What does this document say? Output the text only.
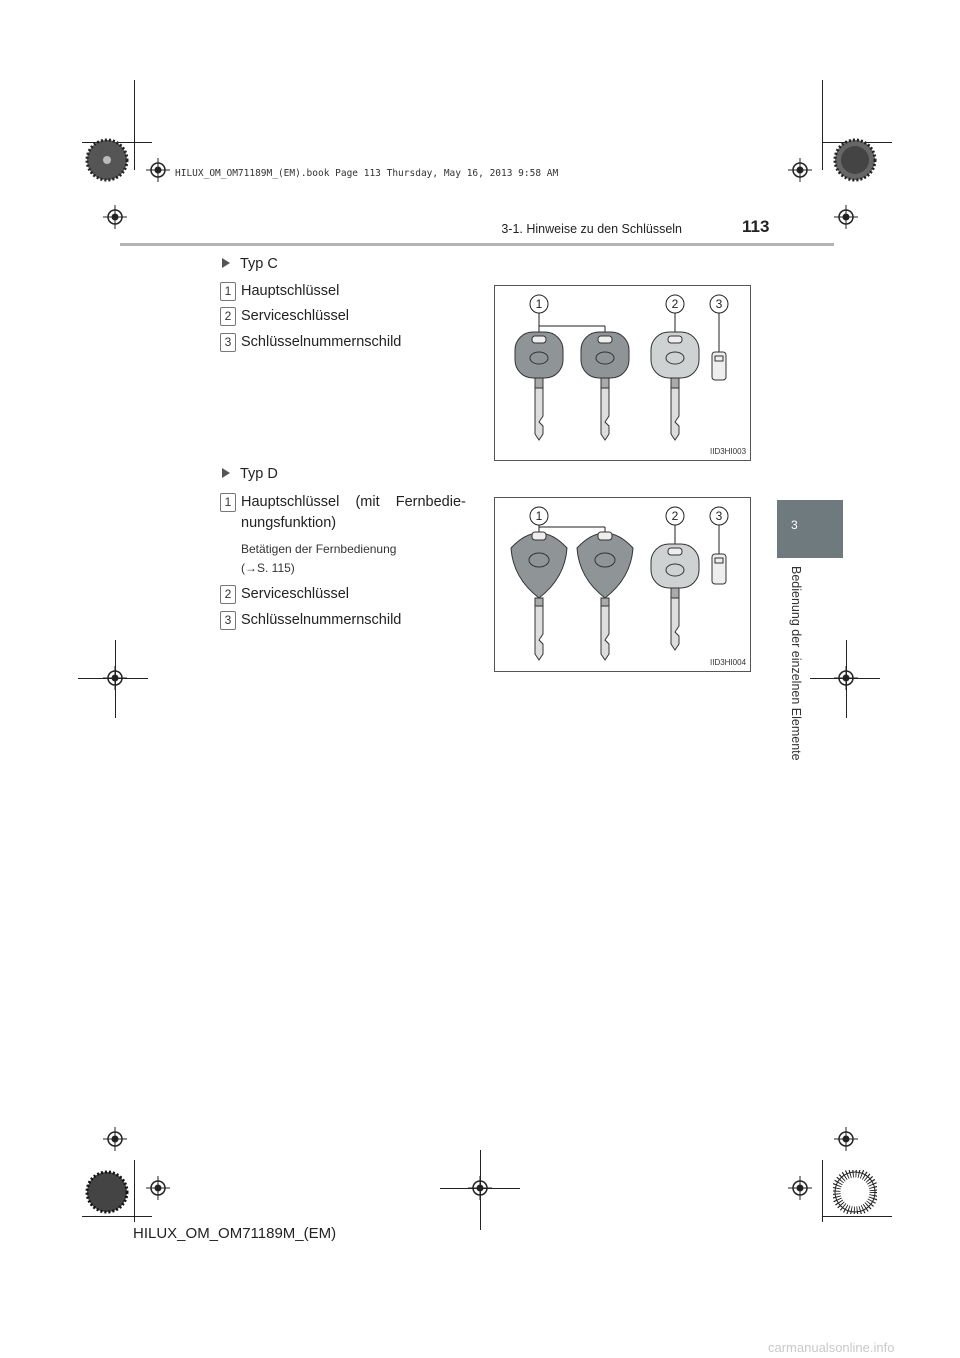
HILUX_OM_OM71189M_(EM).book Page 113 Thursday, May 16, 2013 9:58 AM
3-1. Hinweise zu den Schlüsseln	113
3
Bedienung der einzelnen Elemente
Typ C
1 Hauptschlüssel
2 Serviceschlüssel
3 Schlüsselnummernschild
1	2	3
IID3HI003
Typ D
1 Hauptschlüssel    (mit    Fernbedie-
nungsfunktion)
Betätigen der Fernbedienung
(→S. 115)
2 Serviceschlüssel
3 Schlüsselnummernschild
1	2	3
IID3HI004
HILUX_OM_OM71189M_(EM)
carmanualsonline.info
